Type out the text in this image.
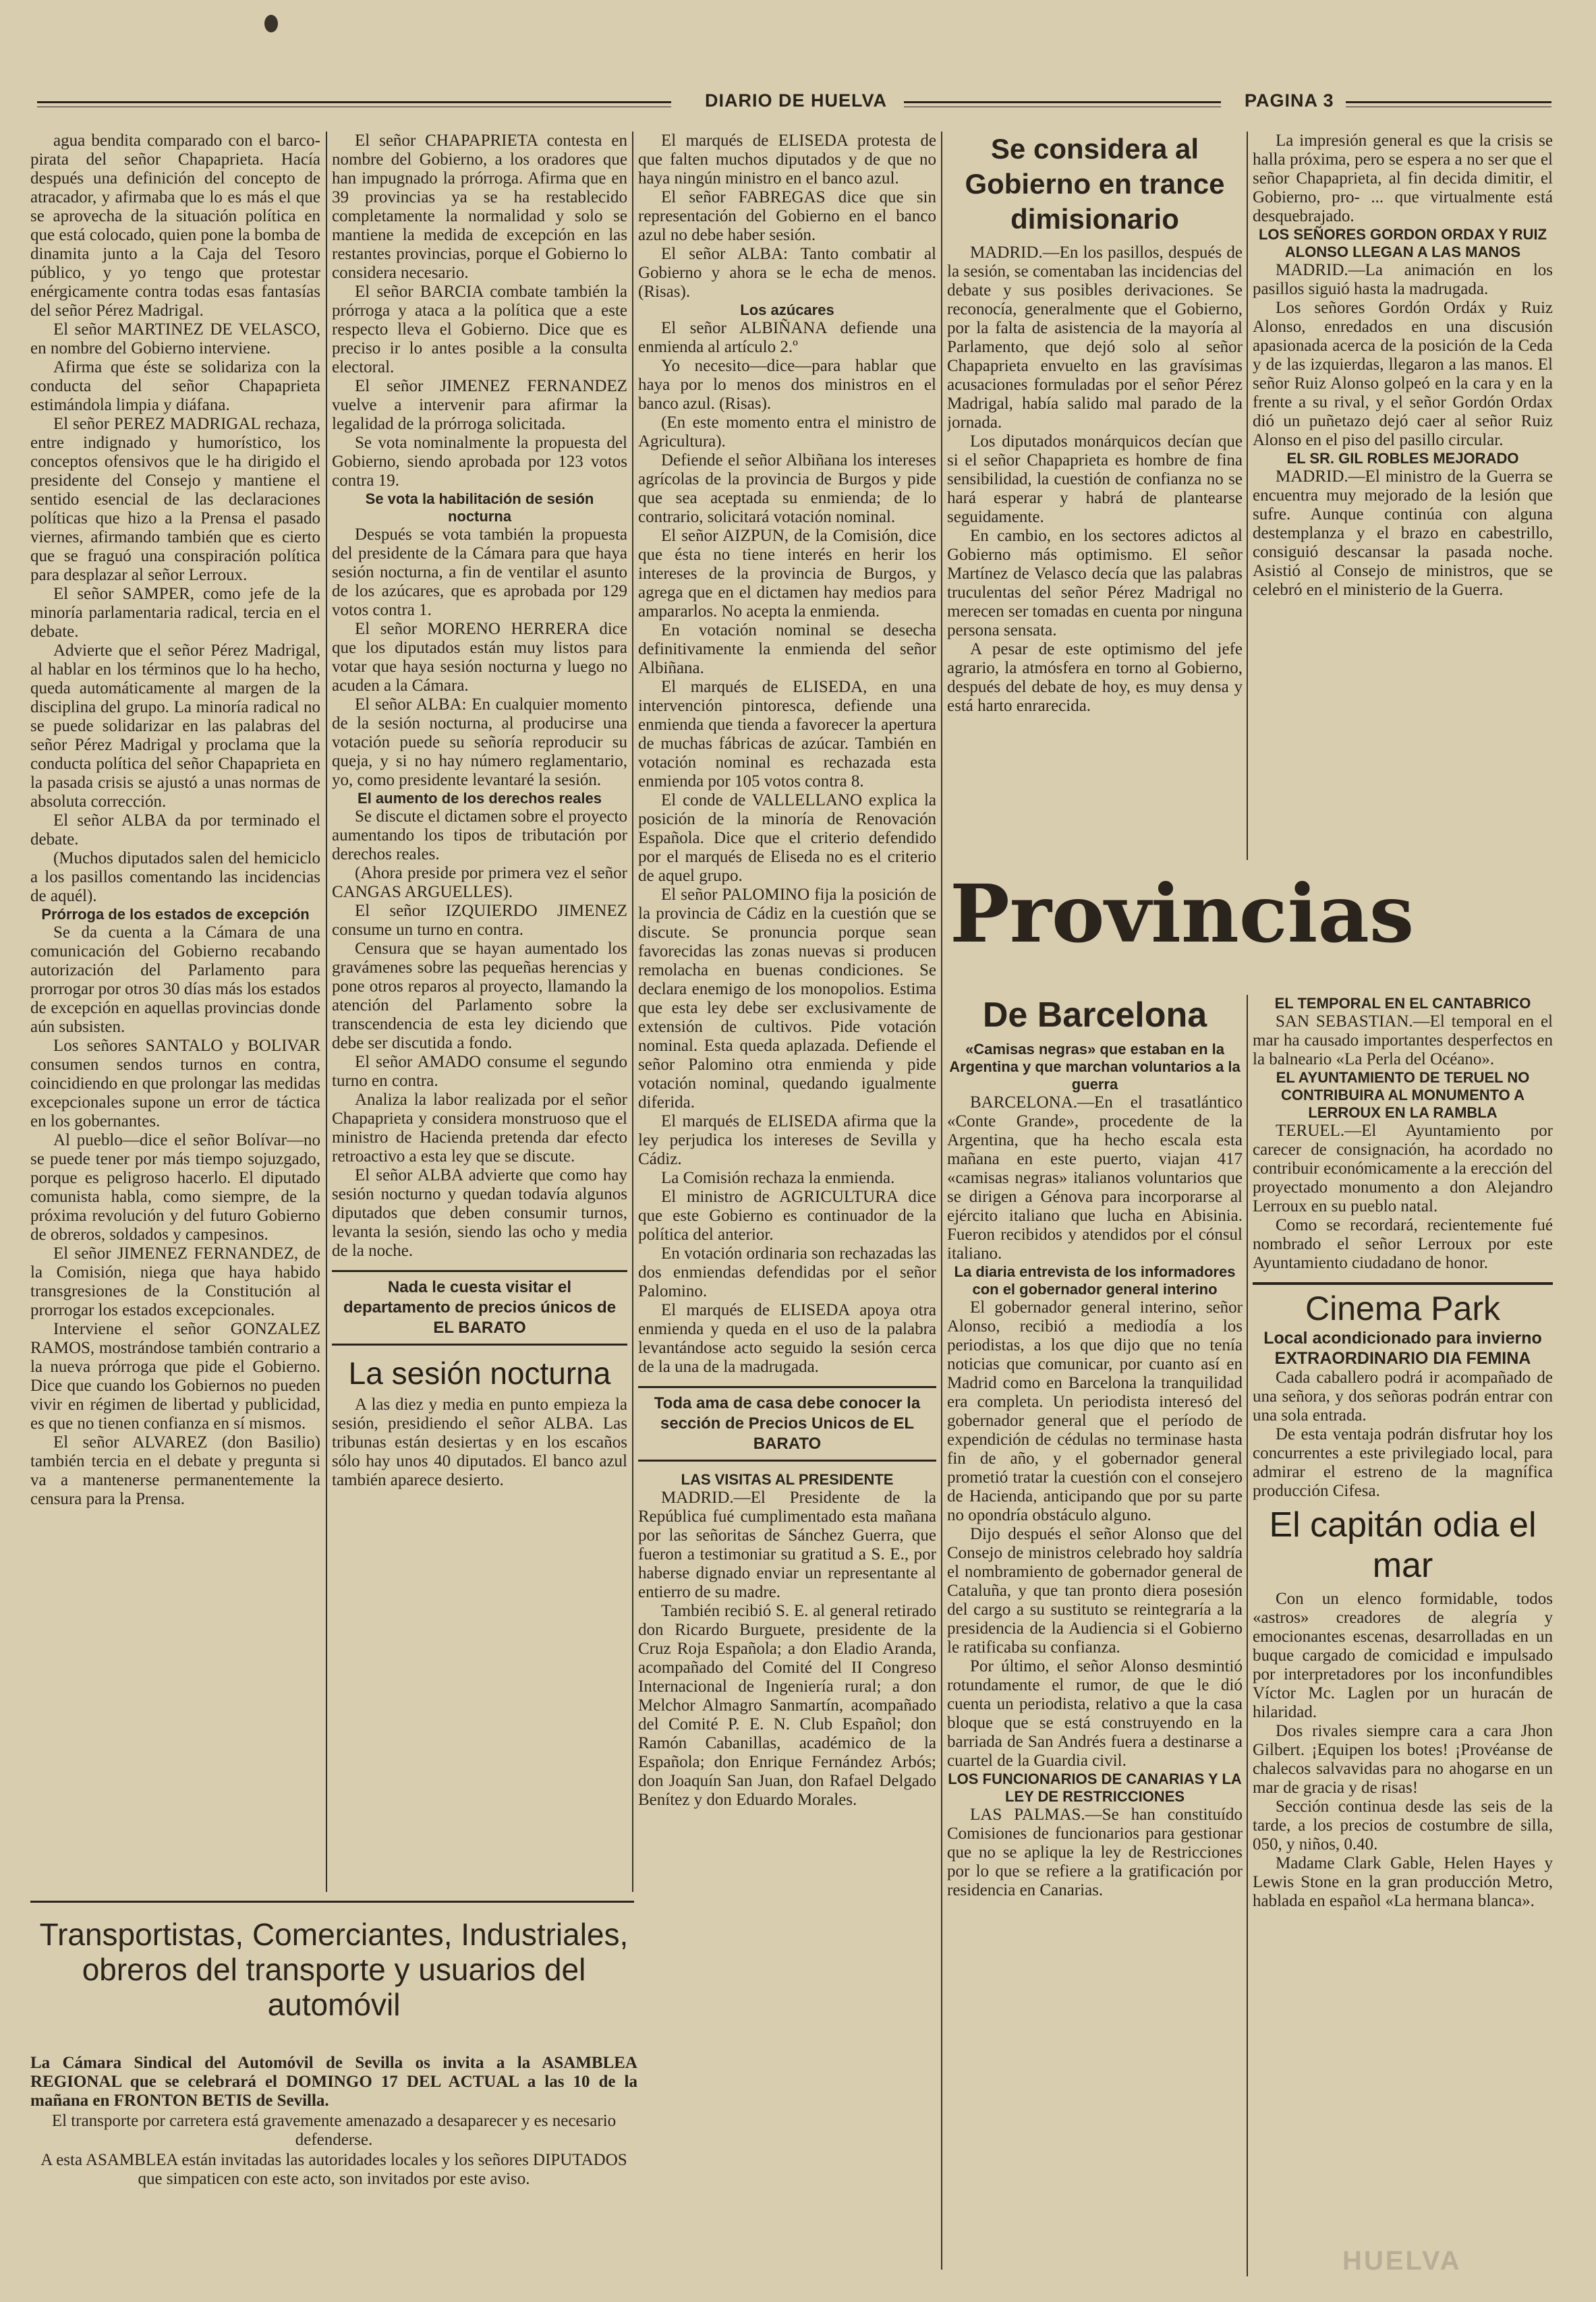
DIARIO DE HUELVA	PAGINA 3

agua bendita comparado con el barco-pirata del señor Chapaprieta. Hacía después una definición del concepto de atracador, y afirmaba que lo es más el que se aprovecha de la situación política en que está colocado, quien pone la bomba de dinamita junto a la Caja del Tesoro público, y yo tengo que protestar enérgicamente contra todas esas fantasías del señor Pérez Madrigal.

El señor MARTINEZ DE VELASCO, en nombre del Gobierno interviene.

Afirma que éste se solidariza con la conducta del señor Chapaprieta estimándola limpia y diáfana.

El señor PEREZ MADRIGAL rechaza, entre indignado y humorístico, los conceptos ofensivos que le ha dirigido el presidente del Consejo y mantiene el sentido esencial de las declaraciones políticas que hizo a la Prensa el pasado viernes, afirmando también que es cierto que se fraguó una conspiración política para desplazar al señor Lerroux.

El señor SAMPER, como jefe de la minoría parlamentaria radical, tercia en el debate.

Advierte que el señor Pérez Madrigal, al hablar en los términos que lo ha hecho, queda automáticamente al margen de la disciplina del grupo. La minoría radical no se puede solidarizar en las palabras del señor Pérez Madrigal y proclama que la conducta política del señor Chapaprieta en la pasada crisis se ajustó a unas normas de absoluta corrección.

El señor ALBA da por terminado el debate.

(Muchos diputados salen del hemiciclo a los pasillos comentando las incidencias de aquél).

Prórroga de los estados de excepción

Se da cuenta a la Cámara de una comunicación del Gobierno recabando autorización del Parlamento para prorrogar por otros 30 días más los estados de excepción en aquellas provincias donde aún subsisten.

Los señores SANTALO y BOLIVAR consumen sendos turnos en contra, coincidiendo en que prolongar las medidas excepcionales supone un error de táctica en los gobernantes.

Al pueblo—dice el señor Bolívar—no se puede tener por más tiempo sojuzgado, porque es peligroso hacerlo. El diputado comunista habla, como siempre, de la próxima revolución y del futuro Gobierno de obreros, soldados y campesinos.

El señor JIMENEZ FERNANDEZ, de la Comisión, niega que haya habido transgresiones de la Constitución al prorrogar los estados excepcionales.

Interviene el señor GONZALEZ RAMOS, mostrándose también contrario a la nueva prórroga que pide el Gobierno. Dice que cuando los Gobiernos no pueden vivir en régimen de libertad y publicidad, es que no tienen confianza en sí mismos.

El señor ALVAREZ (don Basilio) también tercia en el debate y pregunta si va a mantenerse permanentemente la censura para la Prensa.

El señor CHAPAPRIETA contesta en nombre del Gobierno, a los oradores que han impugnado la prórroga. Afirma que en 39 provincias ya se ha restablecido completamente la normalidad y solo se mantiene la medida de excepción en las restantes provincias, porque el Gobierno lo considera necesario.

El señor BARCIA combate también la prórroga y ataca a la política que a este respecto lleva el Gobierno. Dice que es preciso ir lo antes posible a la consulta electoral.

El señor JIMENEZ FERNANDEZ vuelve a intervenir para afirmar la legalidad de la prórroga solicitada.

Se vota nominalmente la propuesta del Gobierno, siendo aprobada por 123 votos contra 19.

Se vota la habilitación de sesión nocturna

Después se vota también la propuesta del presidente de la Cámara para que haya sesión nocturna, a fin de ventilar el asunto de los azúcares, que es aprobada por 129 votos contra 1.

El señor MORENO HERRERA dice que los diputados están muy listos para votar que haya sesión nocturna y luego no acuden a la Cámara.

El señor ALBA: En cualquier momento de la sesión nocturna, al producirse una votación puede su señoría reproducir su queja, y si no hay número reglamentario, yo, como presidente levantaré la sesión.

El aumento de los derechos reales

Se discute el dictamen sobre el proyecto aumentando los tipos de tributación por derechos reales.

(Ahora preside por primera vez el señor CANGAS ARGUELLES).

El señor IZQUIERDO JIMENEZ consume un turno en contra.

Censura que se hayan aumentado los gravámenes sobre las pequeñas herencias y pone otros reparos al proyecto, llamando la atención del Parlamento sobre la transcendencia de esta ley diciendo que debe ser discutida a fondo.

El señor AMADO consume el segundo turno en contra.

Analiza la labor realizada por el señor Chapaprieta y considera monstruoso que el ministro de Hacienda pretenda dar efecto retroactivo a esta ley que se discute.

El señor ALBA advierte que como hay sesión nocturno y quedan todavía algunos diputados que deben consumir turnos, levanta la sesión, siendo las ocho y media de la noche.

Nada le cuesta visitar el departamento de precios únicos de EL BARATO
La sesión nocturna

A las diez y media en punto empieza la sesión, presidiendo el señor ALBA. Las tribunas están desiertas y en los escaños sólo hay unos 40 diputados. El banco azul también aparece desierto.

El marqués de ELISEDA protesta de que falten muchos diputados y de que no haya ningún ministro en el banco azul.

El señor FABREGAS dice que sin representación del Gobierno en el banco azul no debe haber sesión.

El señor ALBA: Tanto combatir al Gobierno y ahora se le echa de menos. (Risas).

Los azúcares

El señor ALBIÑANA defiende una enmienda al artículo 2.º

Yo necesito—dice—para hablar que haya por lo menos dos ministros en el banco azul. (Risas).

(En este momento entra el ministro de Agricultura).

Defiende el señor Albiñana los intereses agrícolas de la provincia de Burgos y pide que sea aceptada su enmienda; de lo contrario, solicitará votación nominal.

El señor AIZPUN, de la Comisión, dice que ésta no tiene interés en herir los intereses de la provincia de Burgos, y agrega que en el dictamen hay medios para ampararlos. No acepta la enmienda.

En votación nominal se desecha definitivamente la enmienda del señor Albiñana.

El marqués de ELISEDA, en una intervención pintoresca, defiende una enmienda que tienda a favorecer la apertura de muchas fábricas de azúcar. También en votación nominal es rechazada esta enmienda por 105 votos contra 8.

El conde de VALLELLANO explica la posición de la minoría de Renovación Española. Dice que el criterio defendido por el marqués de Eliseda no es el criterio de aquel grupo.

El señor PALOMINO fija la posición de la provincia de Cádiz en la cuestión que se discute. Se pronuncia porque sean favorecidas las zonas nuevas si producen remolacha en buenas condiciones. Se declara enemigo de los monopolios. Estima que esta ley debe ser exclusivamente de extensión de cultivos. Pide votación nominal. Esta queda aplazada. Defiende el señor Palomino otra enmienda y pide votación nominal, quedando igualmente diferida.

El marqués de ELISEDA afirma que la ley perjudica los intereses de Sevilla y Cádiz.

La Comisión rechaza la enmienda.

El ministro de AGRICULTURA dice que este Gobierno es continuador de la política del anterior.

En votación ordinaria son rechazadas las dos enmiendas defendidas por el señor Palomino.

El marqués de ELISEDA apoya otra enmienda y queda en el uso de la palabra levantándose acto seguido la sesión cerca de la una de la madrugada.

Toda ama de casa debe conocer la sección de Precios Unicos de EL BARATO

LAS VISITAS AL PRESIDENTE

MADRID.—El Presidente de la República fué cumplimentado esta mañana por las señoritas de Sánchez Guerra, que fueron a testimoniar su gratitud a S. E., por haberse dignado enviar un representante al entierro de su madre.

También recibió S. E. al general retirado don Ricardo Burguete, presidente de la Cruz Roja Española; a don Eladio Aranda, acompañado del Comité del II Congreso Internacional de Ingeniería rural; a don Melchor Almagro Sanmartín, acompañado del Comité P. E. N. Club Español; don Ramón Cabanillas, académico de la Española; don Enrique Fernández Arbós; don Joaquín San Juan, don Rafael Delgado Benítez y don Eduardo Morales.

Se considera al Gobierno en trance dimisionario

MADRID.—En los pasillos, después de la sesión, se comentaban las incidencias del debate y sus posibles derivaciones. Se reconocía, generalmente que el Gobierno, por la falta de asistencia de la mayoría al Parlamento, que dejó solo al señor Chapaprieta envuelto en las gravísimas acusaciones formuladas por el señor Pérez Madrigal, había salido mal parado de la jornada.

Los diputados monárquicos decían que si el señor Chapaprieta es hombre de fina sensibilidad, la cuestión de confianza no se hará esperar y habrá de plantearse seguidamente.

En cambio, en los sectores adictos al Gobierno más optimismo. El señor Martínez de Velasco decía que las palabras truculentas del señor Pérez Madrigal no merecen ser tomadas en cuenta por ninguna persona sensata.

A pesar de este optimismo del jefe agrario, la atmósfera en torno al Gobierno, después del debate de hoy, es muy densa y está harto enrarecida.

La impresión general es que la crisis se halla próxima, pero se espera a no ser que el señor Chapaprieta, al fin decida dimitir, el Gobierno, pro- ... que virtualmente está desquebrajado.

LOS SEÑORES GORDON ORDAX Y RUIZ ALONSO LLEGAN A LAS MANOS

MADRID.—La animación en los pasillos siguió hasta la madrugada.

Los señores Gordón Ordáx y Ruiz Alonso, enredados en una discusión apasionada acerca de la posición de la Ceda y de las izquierdas, llegaron a las manos. El señor Ruiz Alonso golpeó en la cara y en la frente a su rival, y el señor Gordón Ordax dió un puñetazo dejó caer al señor Ruiz Alonso en el piso del pasillo circular.

EL SR. GIL ROBLES MEJORADO

MADRID.—El ministro de la Guerra se encuentra muy mejorado de la lesión que sufre. Aunque continúa con alguna destemplanza y el brazo en cabestrillo, consiguió descansar la pasada noche. Asistió al Consejo de ministros, que se celebró en el ministerio de la Guerra.

Provincias
De Barcelona

«Camisas negras» que estaban en la Argentina y que marchan voluntarios a la guerra

BARCELONA.—En el trasatlántico «Conte Grande», procedente de la Argentina, que ha hecho escala esta mañana en este puerto, viajan 417 «camisas negras» italianos voluntarios que se dirigen a Génova para incorporarse al ejército italiano que lucha en Abisinia. Fueron recibidos y atendidos por el cónsul italiano.

La diaria entrevista de los informadores con el gobernador general interino

El gobernador general interino, señor Alonso, recibió a mediodía a los periodistas, a los que dijo que no tenía noticias que comunicar, por cuanto así en Madrid como en Barcelona la tranquilidad era completa. Un periodista interesó del gobernador general que el período de expendición de cédulas no terminase hasta fin de año, y el gobernador general prometió tratar la cuestión con el consejero de Hacienda, anticipando que por su parte no opondría obstáculo alguno.

Dijo después el señor Alonso que del Consejo de ministros celebrado hoy saldría el nombramiento de gobernador general de Cataluña, y que tan pronto diera posesión del cargo a su sustituto se reintegraría a la presidencia de la Audiencia si el Gobierno le ratificaba su confianza.

Por último, el señor Alonso desmintió rotundamente el rumor, de que le dió cuenta un periodista, relativo a que la casa bloque que se está construyendo en la barriada de San Andrés fuera a destinarse a cuartel de la Guardia civil.

LOS FUNCIONARIOS DE CANARIAS Y LA LEY DE RESTRICCIONES

LAS PALMAS.—Se han constituído Comisiones de funcionarios para gestionar que no se aplique la ley de Restricciones por lo que se refiere a la gratificación por residencia en Canarias.

EL TEMPORAL EN EL CANTABRICO

SAN SEBASTIAN.—El temporal en el mar ha causado importantes desperfectos en la balneario «La Perla del Océano».

EL AYUNTAMIENTO DE TERUEL NO CONTRIBUIRA AL MONUMENTO A LERROUX EN LA RAMBLA

TERUEL.—El Ayuntamiento por carecer de consignación, ha acordado no contribuir económicamente a la erección del proyectado monumento a don Alejandro Lerroux en su pueblo natal.

Como se recordará, recientemente fué nombrado el señor Lerroux por este Ayuntamiento ciudadano de honor.

Cinema Park

Local acondicionado para invierno

EXTRAORDINARIO DIA FEMINA

Cada caballero podrá ir acompañado de una señora, y dos señoras podrán entrar con una sola entrada.

De esta ventaja podrán disfrutar hoy los concurrentes a este privilegiado local, para admirar el estreno de la magnífica producción Cifesa.

El capitán odia el mar

Con un elenco formidable, todos «astros» creadores de alegría y emocionantes escenas, desarrolladas en un buque cargado de comicidad e impulsado por interpretadores por los inconfundibles Víctor Mc. Laglen por un huracán de hilaridad.

Dos rivales siempre cara a cara Jhon Gilbert. ¡Equipen los botes! ¡Provéanse de chalecos salvavidas para no ahogarse en un mar de gracia y de risas!

Sección continua desde las seis de la tarde, a los precios de costumbre de silla, 050, y niños, 0.40.

Madame Clark Gable, Helen Hayes y Lewis Stone en la gran producción Metro, hablada en español «La hermana blanca».

Transportistas, Comerciantes, Industriales, obreros del transporte y usuarios del automóvil

La Cámara Sindical del Automóvil de Sevilla os invita a la ASAMBLEA REGIONAL que se celebrará el DOMINGO 17 DEL ACTUAL a las 10 de la mañana en FRONTON BETIS de Sevilla.

El transporte por carretera está gravemente amenazado a desaparecer y es necesario defenderse.

A esta ASAMBLEA están invitadas las autoridades locales y los señores DIPUTADOS que simpaticen con este acto, son invitados por este aviso.

HUELVA
